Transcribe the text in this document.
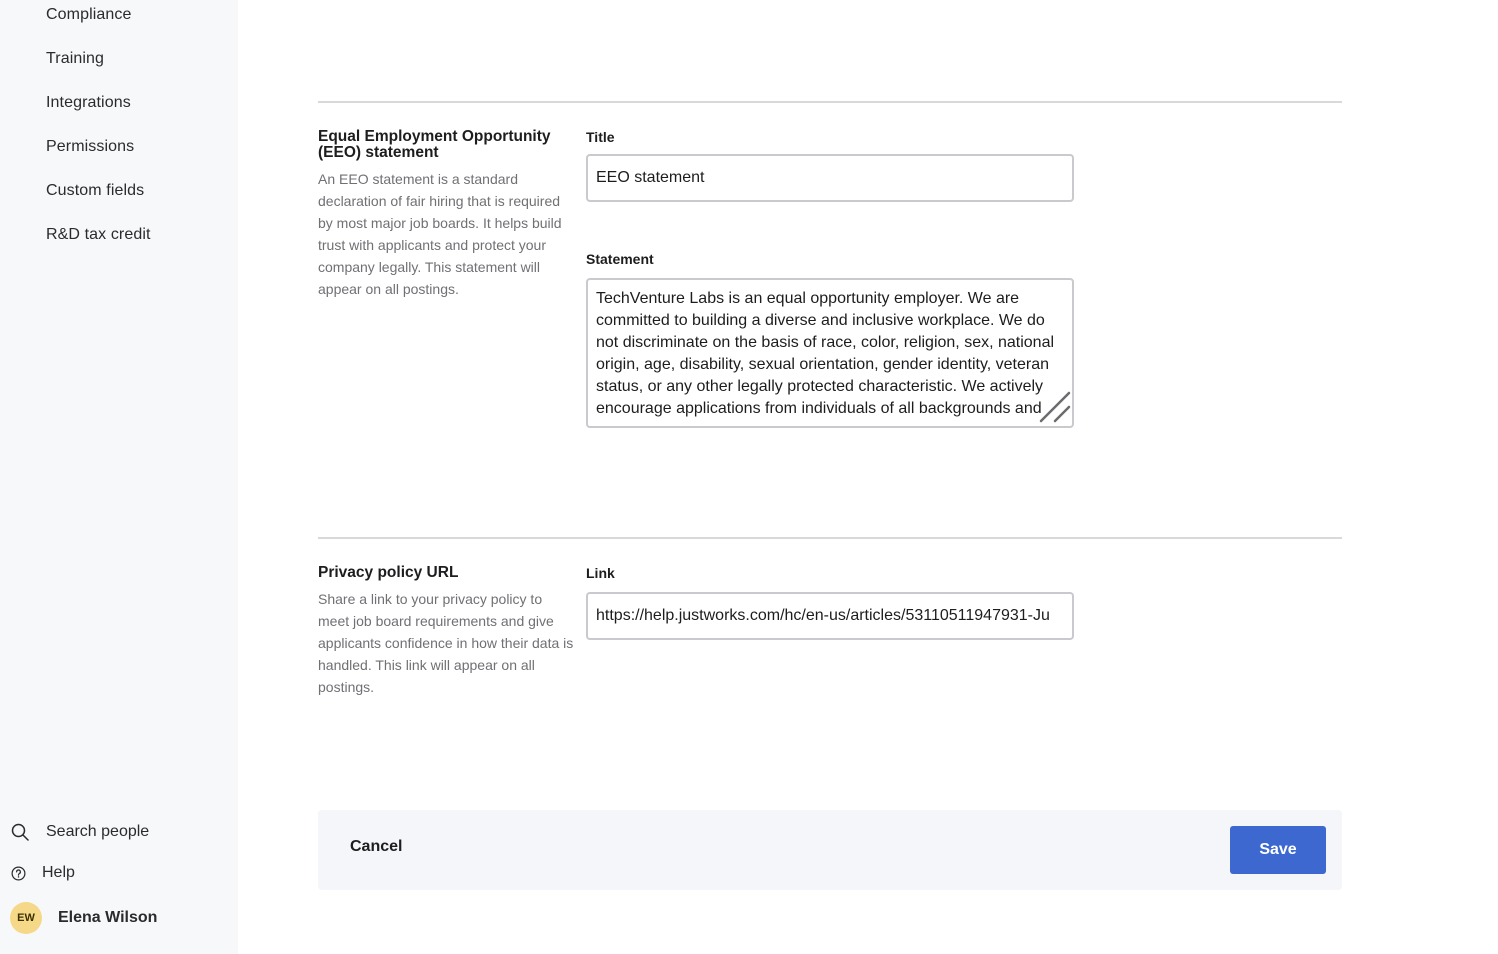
Compliance
Training
Integrations
Permissions
Custom fields
R&D tax credit
Search people
Help
EW	Elena Wilson
Equal Employment Opportunity (EEO) statement
An EEO statement is a standard declaration of fair hiring that is required by most major job boards. It helps build trust with applicants and protect your company legally. This statement will appear on all postings.
Title
EEO statement
Statement
TechVenture Labs is an equal opportunity employer. We are committed to building a diverse and inclusive workplace. We do not discriminate on the basis of race, color, religion, sex, national origin, age, disability, sexual orientation, gender identity, veteran status, or any other legally protected characteristic. We actively encourage applications from individuals of all backgrounds and
Privacy policy URL
Share a link to your privacy policy to meet job board requirements and give applicants confidence in how their data is handled. This link will appear on all postings.
Link
https://help.justworks.com/hc/en-us/articles/53110511947931-Ju
Cancel	Save
